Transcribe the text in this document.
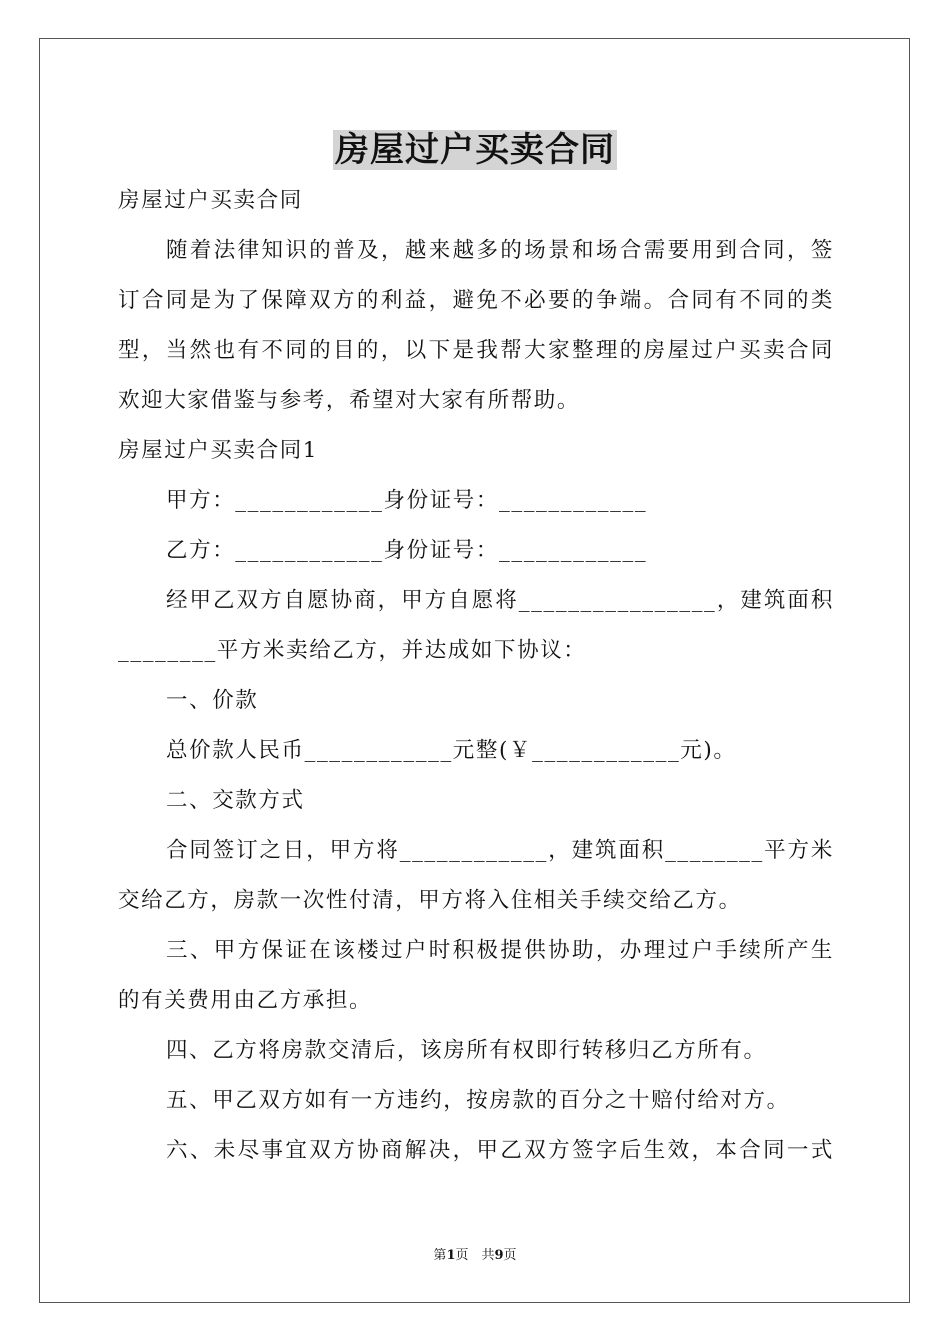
房屋过户买卖合同
房屋过户买卖合同
随着法律知识的普及，越来越多的场景和场合需要用到合同，签
订合同是为了保障双方的利益，避免不必要的争端。合同有不同的类
型，当然也有不同的目的，以下是我帮大家整理的房屋过户买卖合同
欢迎大家借鉴与参考，希望对大家有所帮助。
房屋过户买卖合同1
甲方：____________身份证号：____________
乙方：____________身份证号：____________
经甲乙双方自愿协商，甲方自愿将________________，建筑面积
________平方米卖给乙方，并达成如下协议：
一、价款
总价款人民币____________元整(￥____________元)。
二、交款方式
合同签订之日，甲方将____________，建筑面积________平方米
交给乙方，房款一次性付清，甲方将入住相关手续交给乙方。
三、甲方保证在该楼过户时积极提供协助，办理过户手续所产生
的有关费用由乙方承担。
四、乙方将房款交清后，该房所有权即行转移归乙方所有。
五、甲乙双方如有一方违约，按房款的百分之十赔付给对方。
六、未尽事宜双方协商解决，甲乙双方签字后生效，本合同一式
第1页　共9页
